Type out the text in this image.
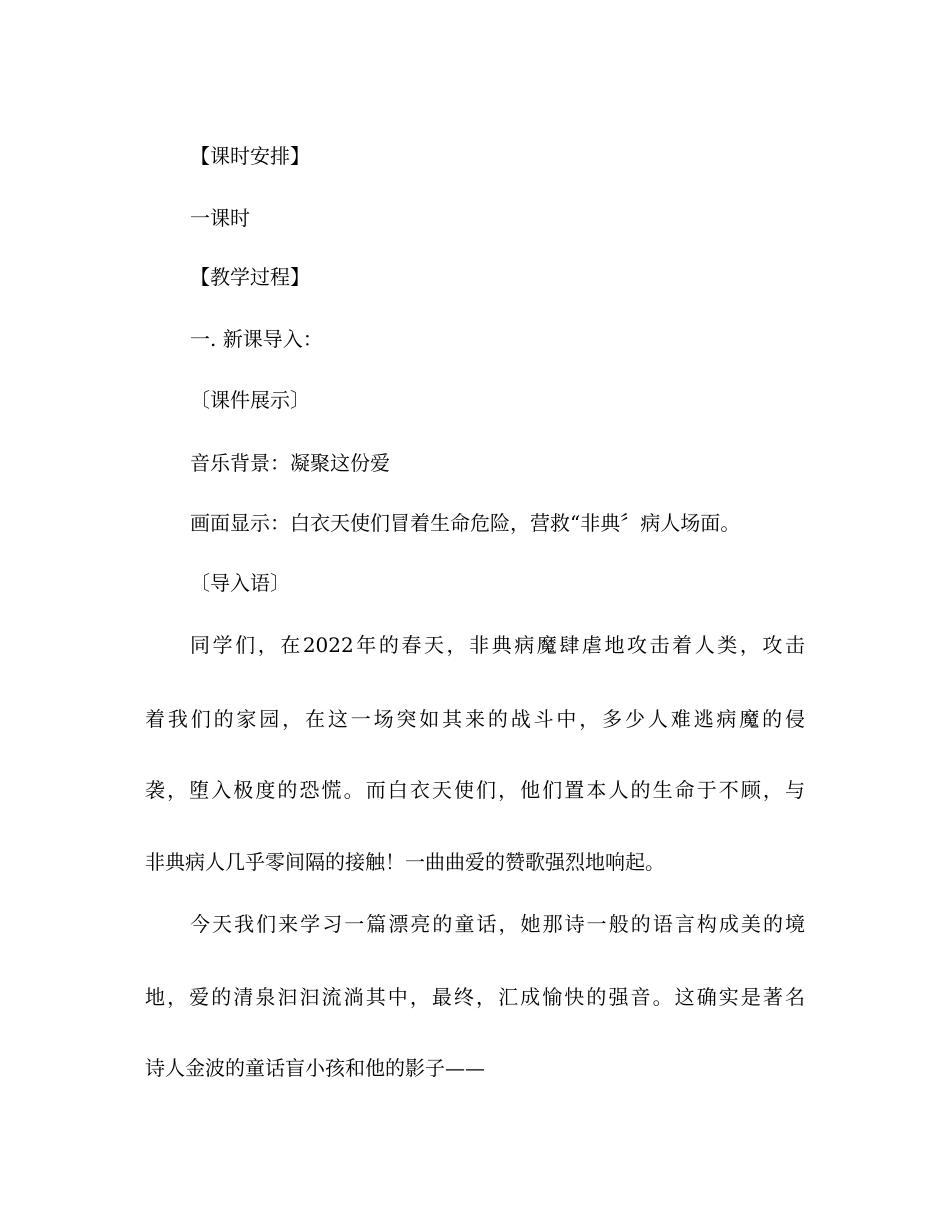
【课时安排】
一课时
【教学过程】
一. 新课导入：
〔课件展示〕
音乐背景：凝聚这份爱
画面显示：白衣天使们冒着生命危险，营救“非典〞病人场面。
〔导入语〕
同学们，在2022年的春天，非典病魔肆虐地攻击着人类，攻击
着我们的家园，在这一场突如其来的战斗中，多少人难逃病魔的侵
袭，堕入极度的恐慌。而白衣天使们，他们置本人的生命于不顾，与
非典病人几乎零间隔的接触！一曲曲爱的赞歌强烈地响起。
今天我们来学习一篇漂亮的童话，她那诗一般的语言构成美的境
地，爱的清泉汩汩流淌其中，最终，汇成愉快的强音。这确实是著名
诗人金波的童话盲小孩和他的影子——
